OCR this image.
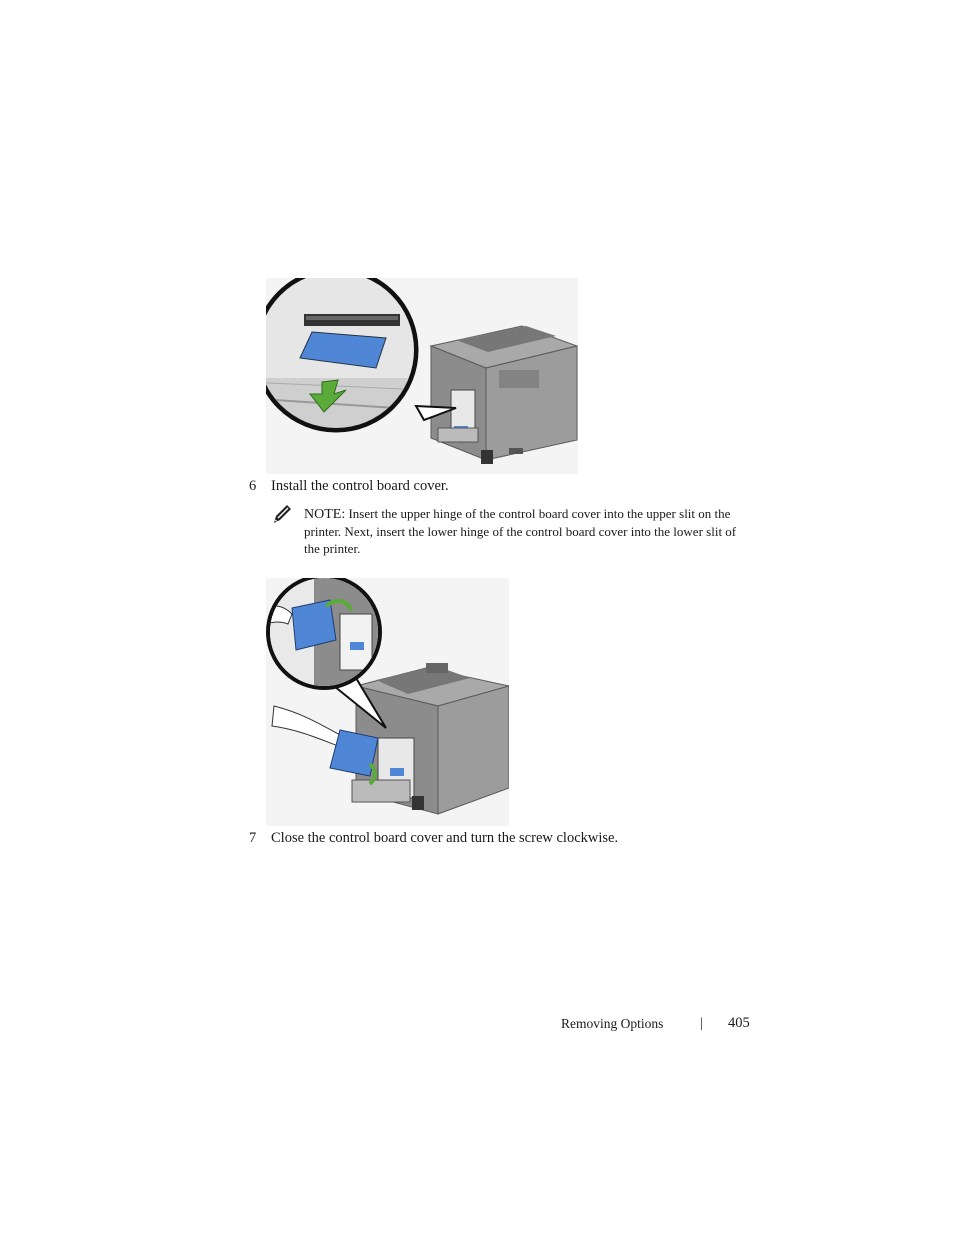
6 Install the control board cover.
NOTE: Insert the upper hinge of the control board cover into the upper slit on the printer. Next, insert the lower hinge of the control board cover into the lower slit of the printer.
7 Close the control board cover and turn the screw clockwise.
Removing Options	| 405
